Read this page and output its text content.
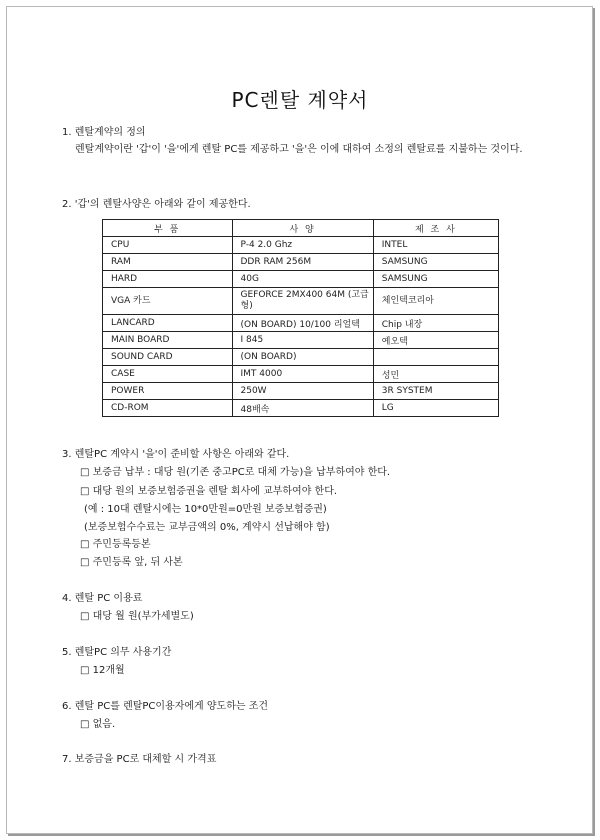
PC렌탈 계약서
1. 렌탈계약의 정의
렌탈계약이란 '갑'이 '을'에게 렌탈 PC를 제공하고 '을'은 이에 대하여 소정의 렌탈료를 지불하는 것이다.
2. '갑'의 렌탈사양은 아래와 같이 제공한다.
부 품	사 양	제 조 사
CPU	P-4 2.0 Ghz	INTEL
RAM	DDR RAM 256M	SAMSUNG
HARD	40G	SAMSUNG
VGA 카드	GEFORCE 2MX400 64M (고급형)	체인텍코리아
LANCARD	(ON BOARD) 10/100 리얼텍	Chip 내장
MAIN BOARD	I 845	예오텍
SOUND CARD	(ON BOARD)	
CASE	IMT 4000	성민
POWER	250W	3R SYSTEM
CD-ROM	48배속	LG
3. 렌탈PC 계약시 '을'이 준비할 사항은 아래와 같다.
□ 보증금 납부 : 대당 원(기존 중고PC로 대체 가능)을 납부하여야 한다.
□ 대당 원의 보증보험증권을 렌탈 회사에 교부하여야 한다.
(예 : 10대 렌탈시에는 10*0만원=0만원 보증보험증권)
(보증보험수수료는 교부금액의 0%, 계약시 선납해야 함)
□ 주민등록등본
□ 주민등록 앞, 뒤 사본
4. 렌탈 PC 이용료
□ 대당 월 원(부가세별도)
5. 렌탈PC 의무 사용기간
□ 12개월
6. 렌탈 PC를 렌탈PC이용자에게 양도하는 조건
□ 없음.
7. 보증금을 PC로 대체할 시 가격표
